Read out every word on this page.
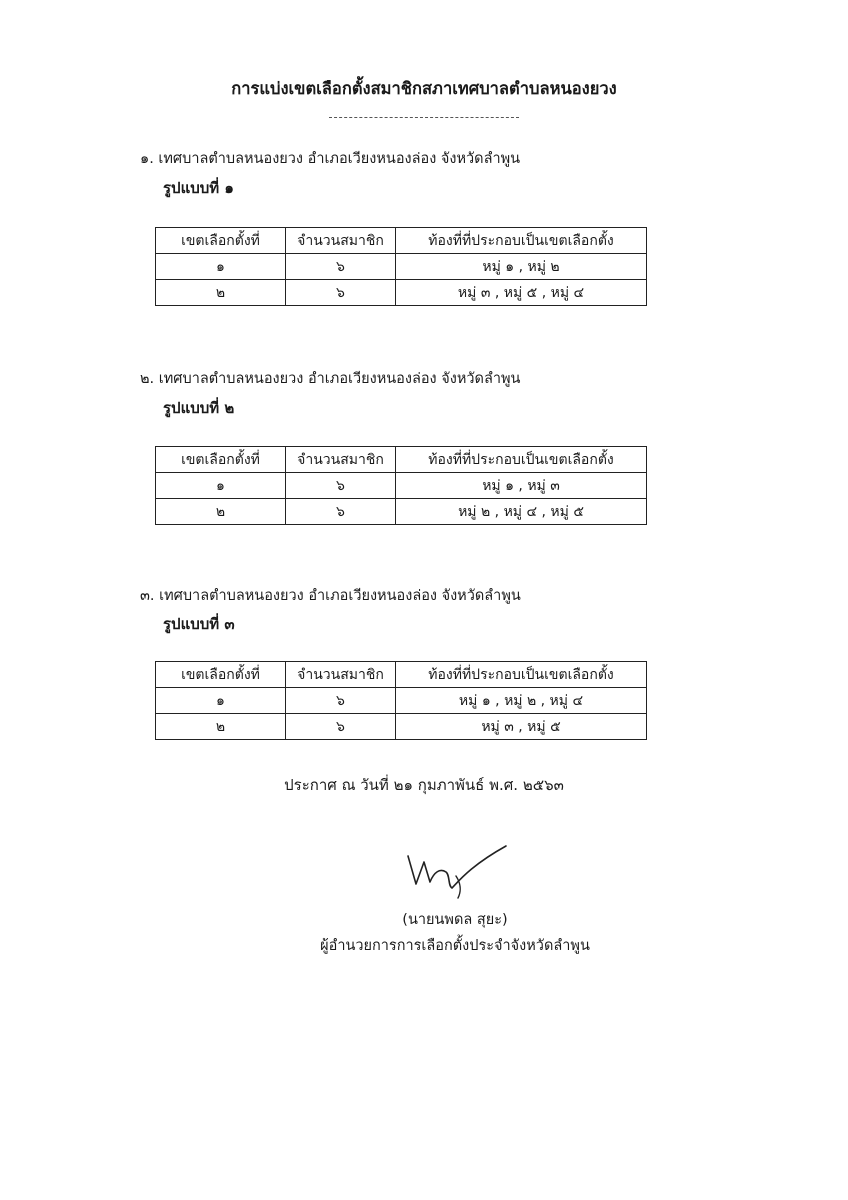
การแบ่งเขตเลือกตั้งสมาชิกสภาเทศบาลตำบลหนองยวง
๑. เทศบาลตำบลหนองยวง อำเภอเวียงหนองล่อง จังหวัดลำพูน
รูปแบบที่ ๑
เขตเลือกตั้งที่	จำนวนสมาชิก	ท้องที่ที่ประกอบเป็นเขตเลือกตั้ง
๑	๖	หมู่ ๑ , หมู่ ๒
๒	๖	หมู่ ๓ , หมู่ ๕ , หมู่ ๔
๒. เทศบาลตำบลหนองยวง อำเภอเวียงหนองล่อง จังหวัดลำพูน
รูปแบบที่ ๒
เขตเลือกตั้งที่	จำนวนสมาชิก	ท้องที่ที่ประกอบเป็นเขตเลือกตั้ง
๑	๖	หมู่ ๑ , หมู่ ๓
๒	๖	หมู่ ๒ , หมู่ ๔ , หมู่ ๕
๓. เทศบาลตำบลหนองยวง อำเภอเวียงหนองล่อง จังหวัดลำพูน
รูปแบบที่ ๓
เขตเลือกตั้งที่	จำนวนสมาชิก	ท้องที่ที่ประกอบเป็นเขตเลือกตั้ง
๑	๖	หมู่ ๑ , หมู่ ๒ , หมู่ ๔
๒	๖	หมู่ ๓ , หมู่ ๕
ประกาศ ณ วันที่ ๒๑ กุมภาพันธ์ พ.ศ. ๒๕๖๓
(นายนพดล สุยะ)
ผู้อำนวยการการเลือกตั้งประจำจังหวัดลำพูน
